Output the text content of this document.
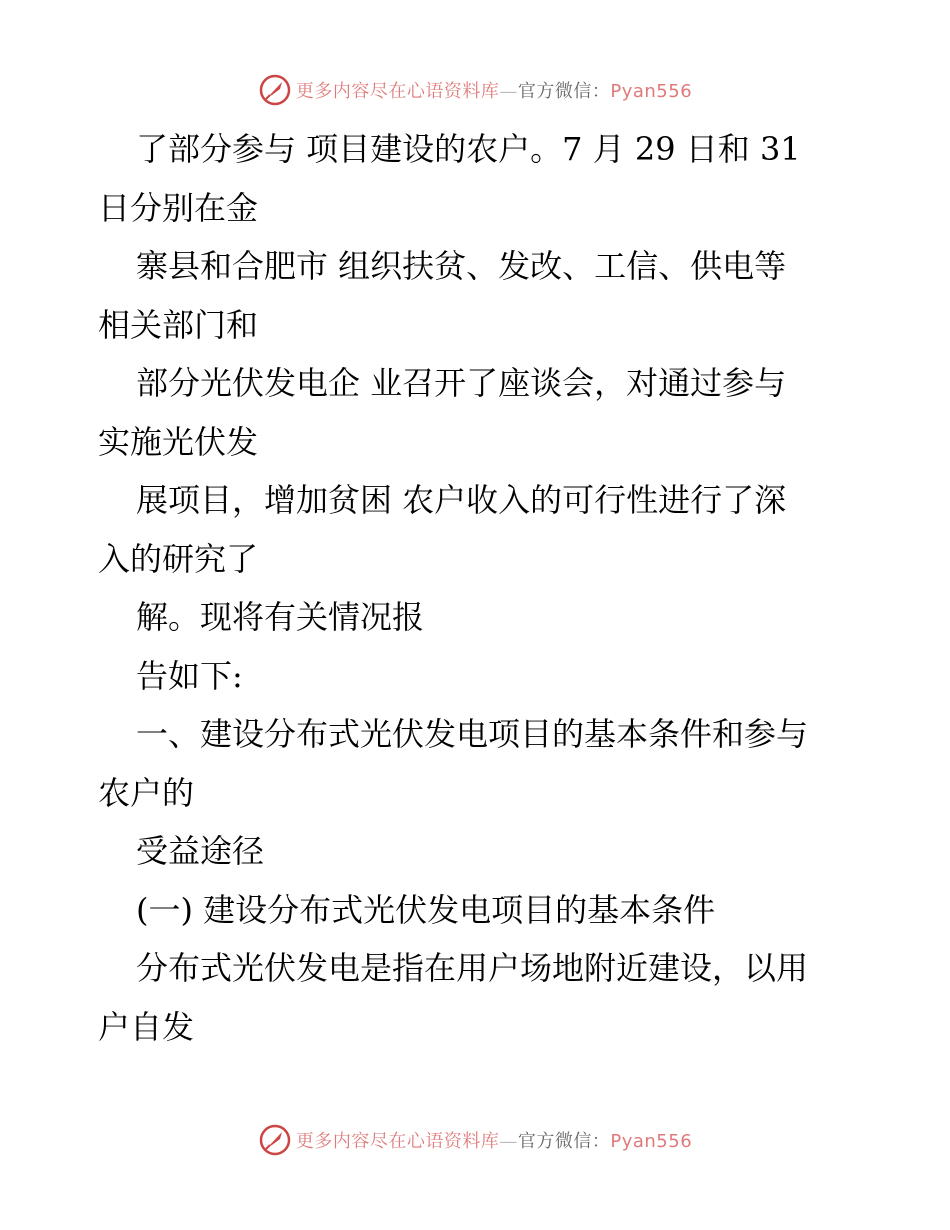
更多内容尽在心语资料库—官方微信：Pyan556
了部分参与 项目建设的农户。7 月 29 日和 31
日分别在金
寨县和合肥市 组织扶贫、发改、工信、供电等
相关部门和
部分光伏发电企 业召开了座谈会，对通过参与
实施光伏发
展项目，增加贫困 农户收入的可行性进行了深
入的研究了
解。现将有关情况报
告如下:
一、建设分布式光伏发电项目的基本条件和参与
农户的
受益途径
(一) 建设分布式光伏发电项目的基本条件
分布式光伏发电是指在用户场地附近建设，以用
户自发
更多内容尽在心语资料库—官方微信：Pyan556
